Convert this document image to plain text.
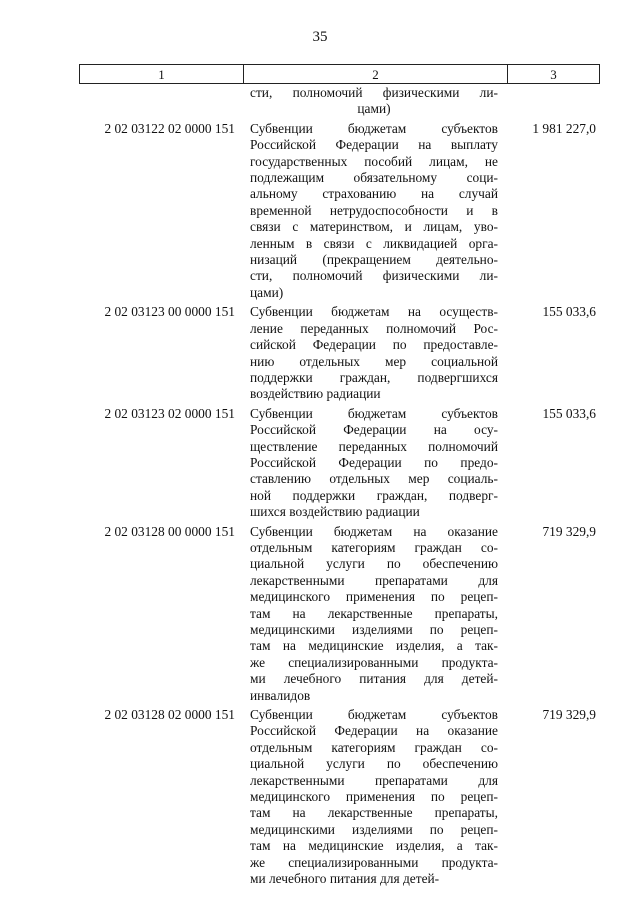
35
1	2	3
сти, полномочий физическими ли-
цами)
2 02 03122 02 0000 151	Субвенции бюджетам субъектов
Российской Федерации на выплату
государственных пособий лицам, не
подлежащим обязательному соци-
альному страхованию на случай
временной нетрудоспособности и в
связи с материнством, и лицам, уво-
ленным в связи с ликвидацией орга-
низаций (прекращением деятельно-
сти, полномочий физическими ли-
цами)
1 981 227,0
2 02 03123 00 0000 151	Субвенции бюджетам на осуществ-
ление переданных полномочий Рос-
сийской Федерации по предоставле-
нию отдельных мер социальной
поддержки граждан, подвергшихся
воздействию радиации
155 033,6
2 02 03123 02 0000 151	Субвенции бюджетам субъектов
Российской Федерации на осу-
ществление переданных полномочий
Российской Федерации по предо-
ставлению отдельных мер социаль-
ной поддержки граждан, подверг-
шихся воздействию радиации
155 033,6
2 02 03128 00 0000 151	Субвенции бюджетам на оказание
отдельным категориям граждан со-
циальной услуги по обеспечению
лекарственными препаратами для
медицинского применения по рецеп-
там на лекарственные препараты,
медицинскими изделиями по рецеп-
там на медицинские изделия, а так-
же специализированными продукта-
ми лечебного питания для детей-
инвалидов
719 329,9
2 02 03128 02 0000 151	Субвенции бюджетам субъектов
Российской Федерации на оказание
отдельным категориям граждан со-
циальной услуги по обеспечению
лекарственными препаратами для
медицинского применения по рецеп-
там на лекарственные препараты,
медицинскими изделиями по рецеп-
там на медицинские изделия, а так-
же специализированными продукта-
ми лечебного питания для детей-
719 329,9
